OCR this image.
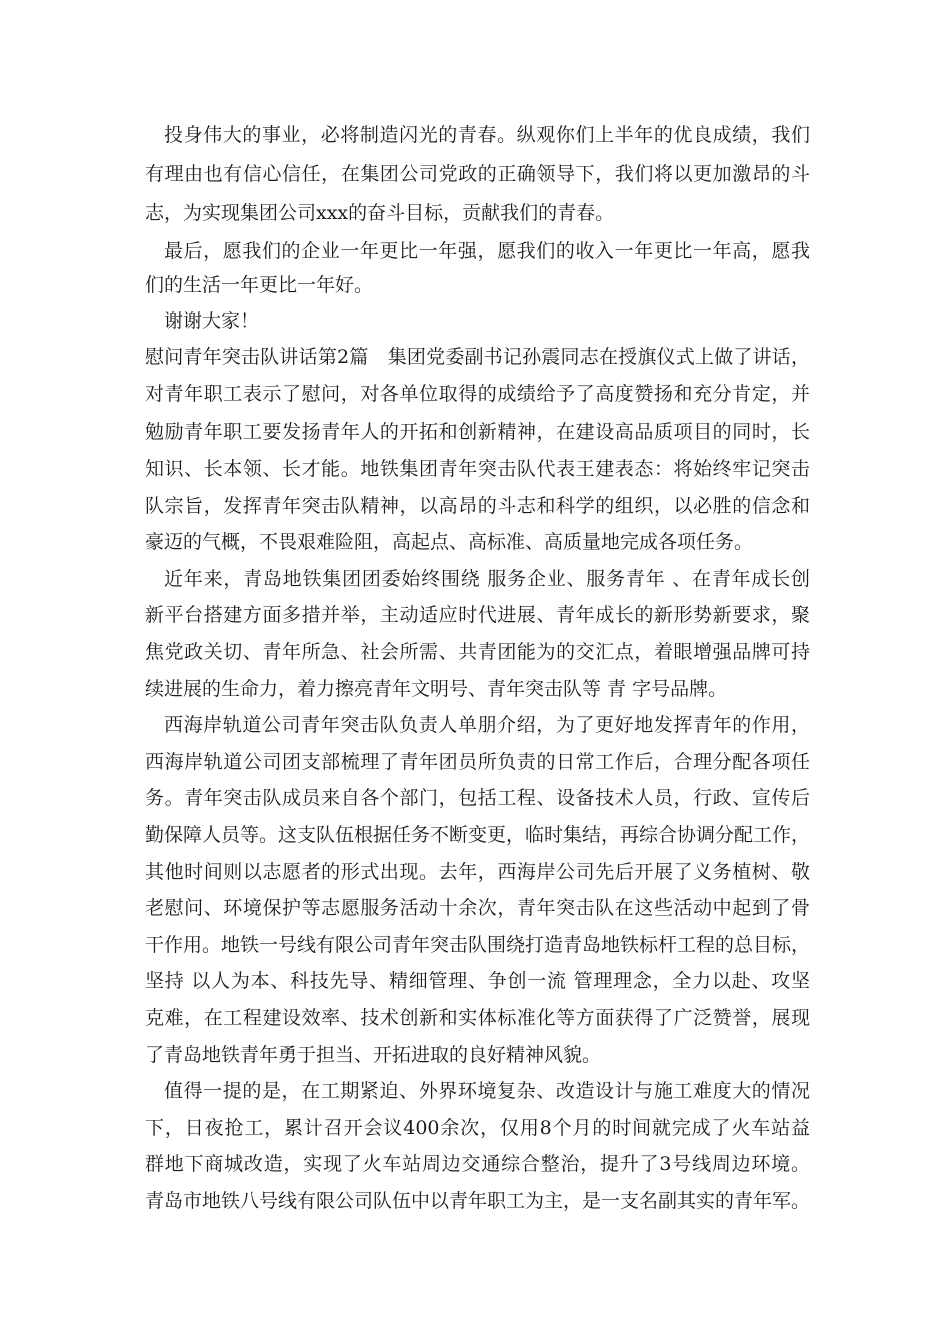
投身伟大的事业，必将制造闪光的青春。纵观你们上半年的优良成绩，我们
有理由也有信心信任，在集团公司党政的正确领导下，我们将以更加激昂的斗
志，为实现集团公司xxx的奋斗目标，贡献我们的青春。
最后，愿我们的企业一年更比一年强，愿我们的收入一年更比一年高，愿我
们的生活一年更比一年好。
谢谢大家！
慰问青年突击队讲话第2篇　集团党委副书记孙震同志在授旗仪式上做了讲话，
对青年职工表示了慰问，对各单位取得的成绩给予了高度赞扬和充分肯定，并
勉励青年职工要发扬青年人的开拓和创新精神，在建设高品质项目的同时，长
知识、长本领、长才能。地铁集团青年突击队代表王建表态：将始终牢记突击
队宗旨，发挥青年突击队精神，以高昂的斗志和科学的组织，以必胜的信念和
豪迈的气概，不畏艰难险阻，高起点、高标准、高质量地完成各项任务。
近年来，青岛地铁集团团委始终围绕 服务企业、服务青年 、在青年成长创
新平台搭建方面多措并举，主动适应时代进展、青年成长的新形势新要求，聚
焦党政关切、青年所急、社会所需、共青团能为的交汇点，着眼增强品牌可持
续进展的生命力，着力擦亮青年文明号、青年突击队等 青 字号品牌。
西海岸轨道公司青年突击队负责人单朋介绍，为了更好地发挥青年的作用，
西海岸轨道公司团支部梳理了青年团员所负责的日常工作后，合理分配各项任
务。青年突击队成员来自各个部门，包括工程、设备技术人员，行政、宣传后
勤保障人员等。这支队伍根据任务不断变更，临时集结，再综合协调分配工作，
其他时间则以志愿者的形式出现。去年，西海岸公司先后开展了义务植树、敬
老慰问、环境保护等志愿服务活动十余次，青年突击队在这些活动中起到了骨
干作用。地铁一号线有限公司青年突击队围绕打造青岛地铁标杆工程的总目标，
坚持 以人为本、科技先导、精细管理、争创一流 管理理念，全力以赴、攻坚
克难，在工程建设效率、技术创新和实体标准化等方面获得了广泛赞誉，展现
了青岛地铁青年勇于担当、开拓进取的良好精神风貌。
值得一提的是，在工期紧迫、外界环境复杂、改造设计与施工难度大的情况
下，日夜抢工，累计召开会议400余次，仅用8个月的时间就完成了火车站益
群地下商城改造，实现了火车站周边交通综合整治，提升了3号线周边环境。
青岛市地铁八号线有限公司队伍中以青年职工为主，是一支名副其实的青年军。
